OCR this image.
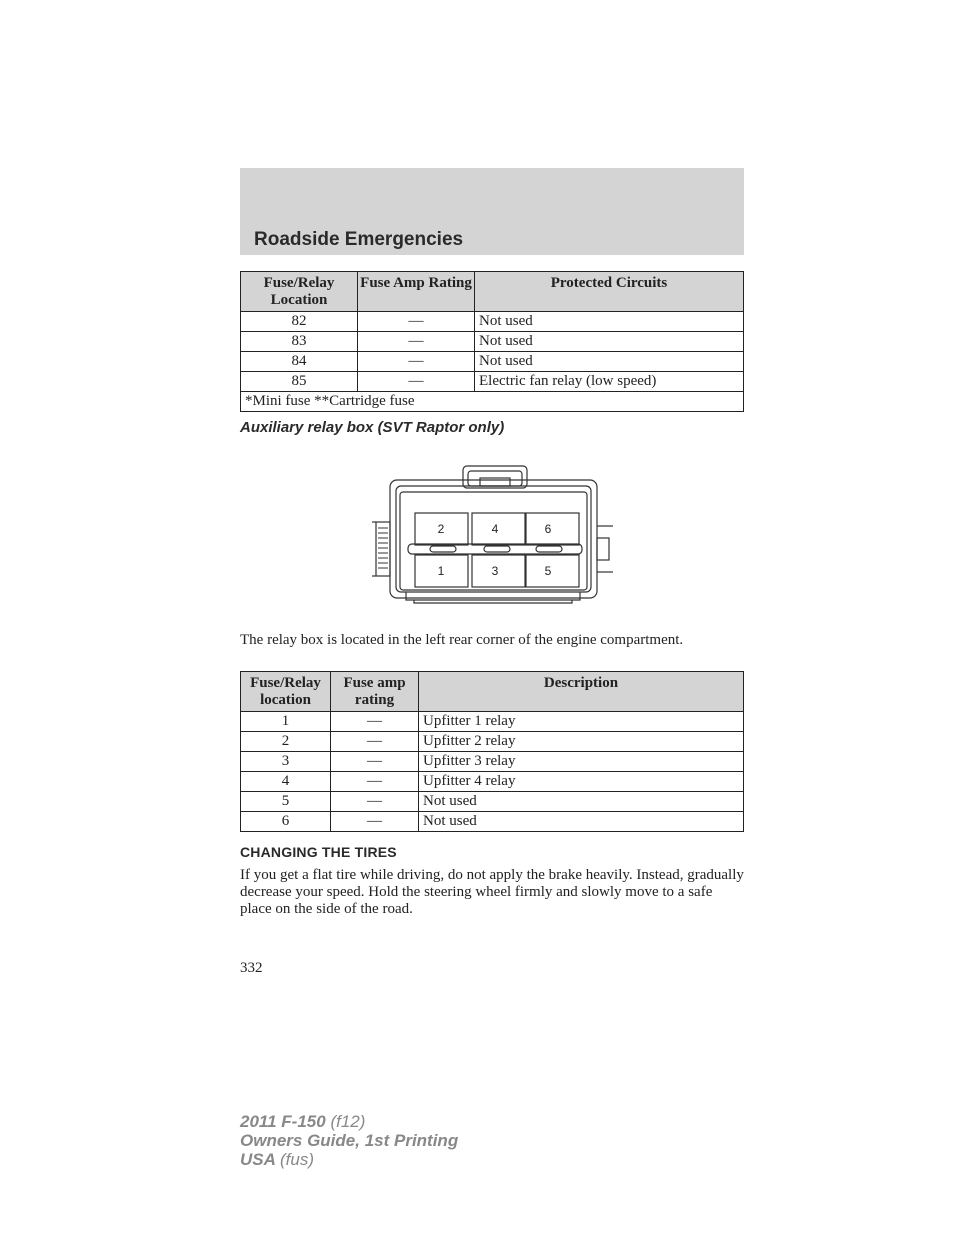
Roadside Emergencies
Fuse/Relay Location	Fuse Amp Rating	Protected Circuits
82	—	Not used
83	—	Not used
84	—	Not used
85	—	Electric fan relay (low speed)
*Mini fuse **Cartridge fuse		
Auxiliary relay box (SVT Raptor only)
2	4	6
1	3	5

The relay box is located in the left rear corner of the engine compartment.

Fuse/Relay location	Fuse amp rating	Description
1	—	Upfitter 1 relay
2	—	Upfitter 2 relay
3	—	Upfitter 3 relay
4	—	Upfitter 4 relay
5	—	Not used
6	—	Not used
CHANGING THE TIRES

If you get a flat tire while driving, do not apply the brake heavily. Instead, gradually decrease your speed. Hold the steering wheel firmly and slowly move to a safe place on the side of the road.

332
2011 F-150 (f12)
Owners Guide, 1st Printing
USA (fus)
